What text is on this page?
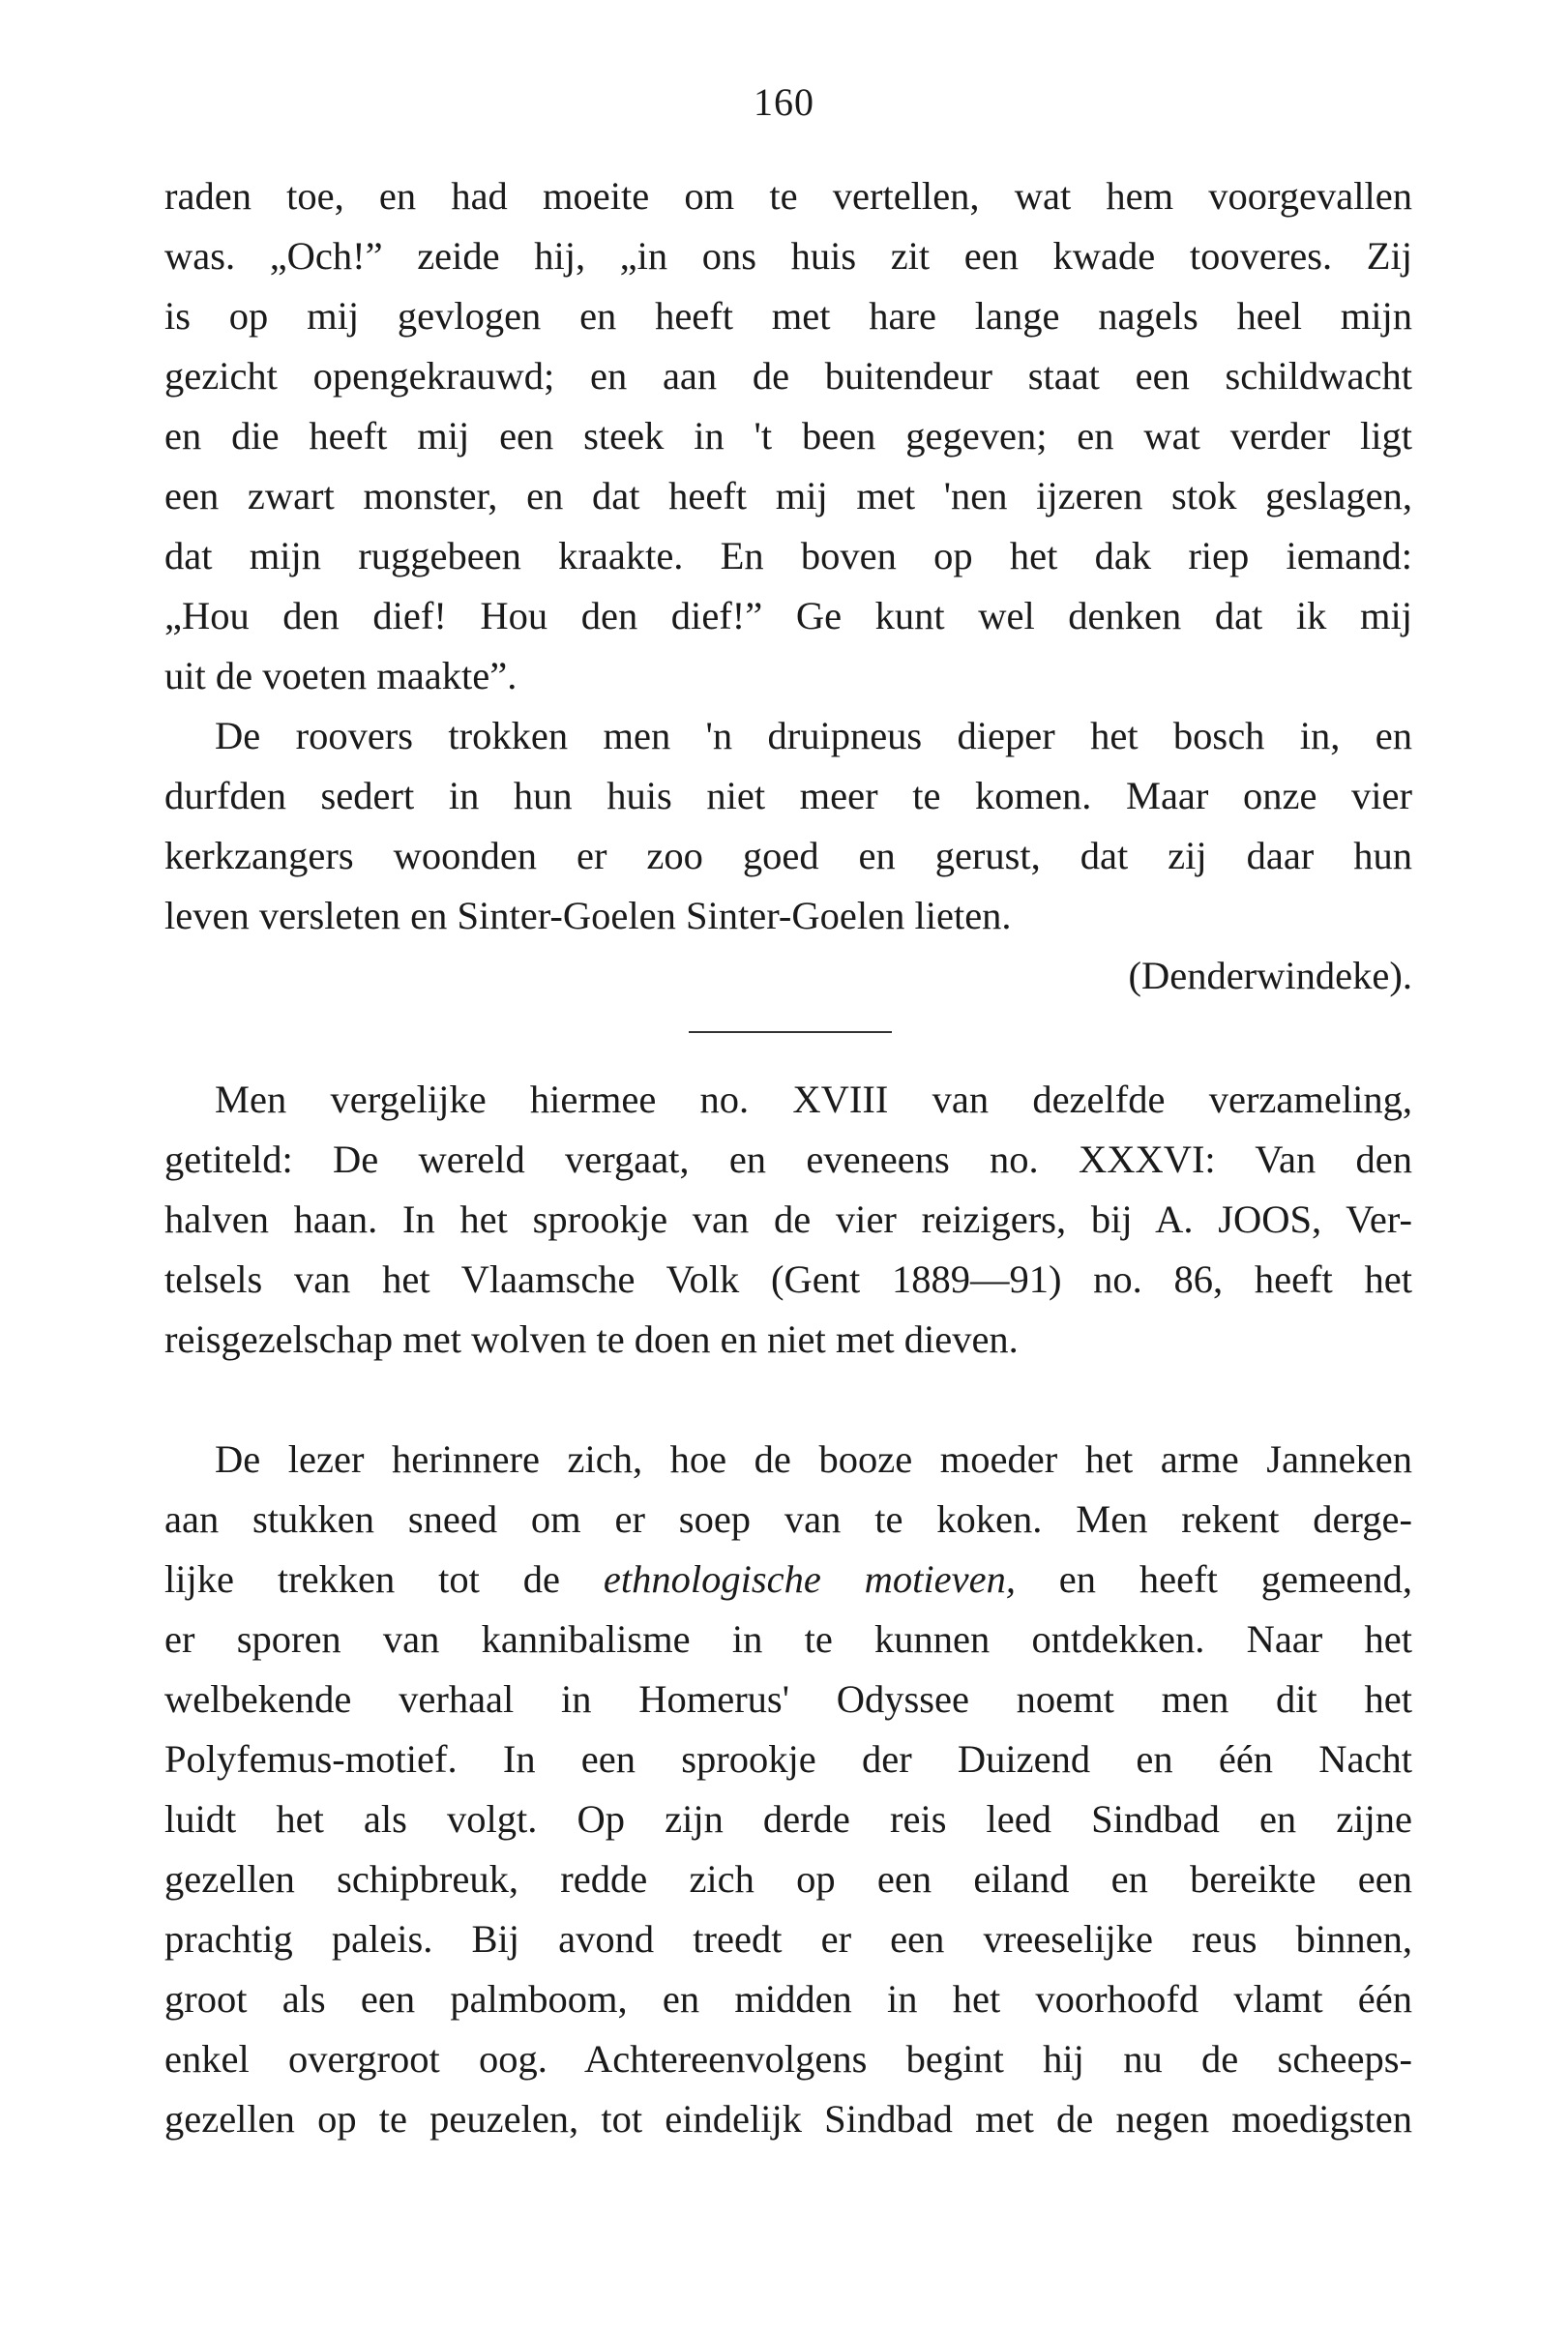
160
raden toe, en had moeite om te vertellen, wat hem voorgevallen
was. „Och!” zeide hij, „in ons huis zit een kwade tooveres. Zij
is op mij gevlogen en heeft met hare lange nagels heel mijn
gezicht opengekrauwd; en aan de buitendeur staat een schildwacht
en die heeft mij een steek in 't been gegeven; en wat verder ligt
een zwart monster, en dat heeft mij met 'nen ijzeren stok geslagen,
dat mijn ruggebeen kraakte. En boven op het dak riep iemand:
„Hou den dief! Hou den dief!” Ge kunt wel denken dat ik mij
uit de voeten maakte”.
De roovers trokken men 'n druipneus dieper het bosch in, en
durfden sedert in hun huis niet meer te komen. Maar onze vier
kerkzangers woonden er zoo goed en gerust, dat zij daar hun
leven versleten en Sinter-Goelen Sinter-Goelen lieten.
(Denderwindeke).
Men vergelijke hiermee no. XVIII van dezelfde verzameling,
getiteld: De wereld vergaat, en eveneens no. XXXVI: Van den
halven haan. In het sprookje van de vier reizigers, bij A. JOOS, Ver-
telsels van het Vlaamsche Volk (Gent 1889—91) no. 86, heeft het
reisgezelschap met wolven te doen en niet met dieven.
De lezer herinnere zich, hoe de booze moeder het arme Janneken
aan stukken sneed om er soep van te koken. Men rekent derge-
lijke trekken tot de ethnologische motieven, en heeft gemeend,
er sporen van kannibalisme in te kunnen ontdekken. Naar het
welbekende verhaal in Homerus' Odyssee noemt men dit het
Polyfemus-motief. In een sprookje der Duizend en één Nacht
luidt het als volgt. Op zijn derde reis leed Sindbad en zijne
gezellen schipbreuk, redde zich op een eiland en bereikte een
prachtig paleis. Bij avond treedt er een vreeselijke reus binnen,
groot als een palmboom, en midden in het voorhoofd vlamt één
enkel overgroot oog. Achtereenvolgens begint hij nu de scheeps-
gezellen op te peuzelen, tot eindelijk Sindbad met de negen moedigsten
